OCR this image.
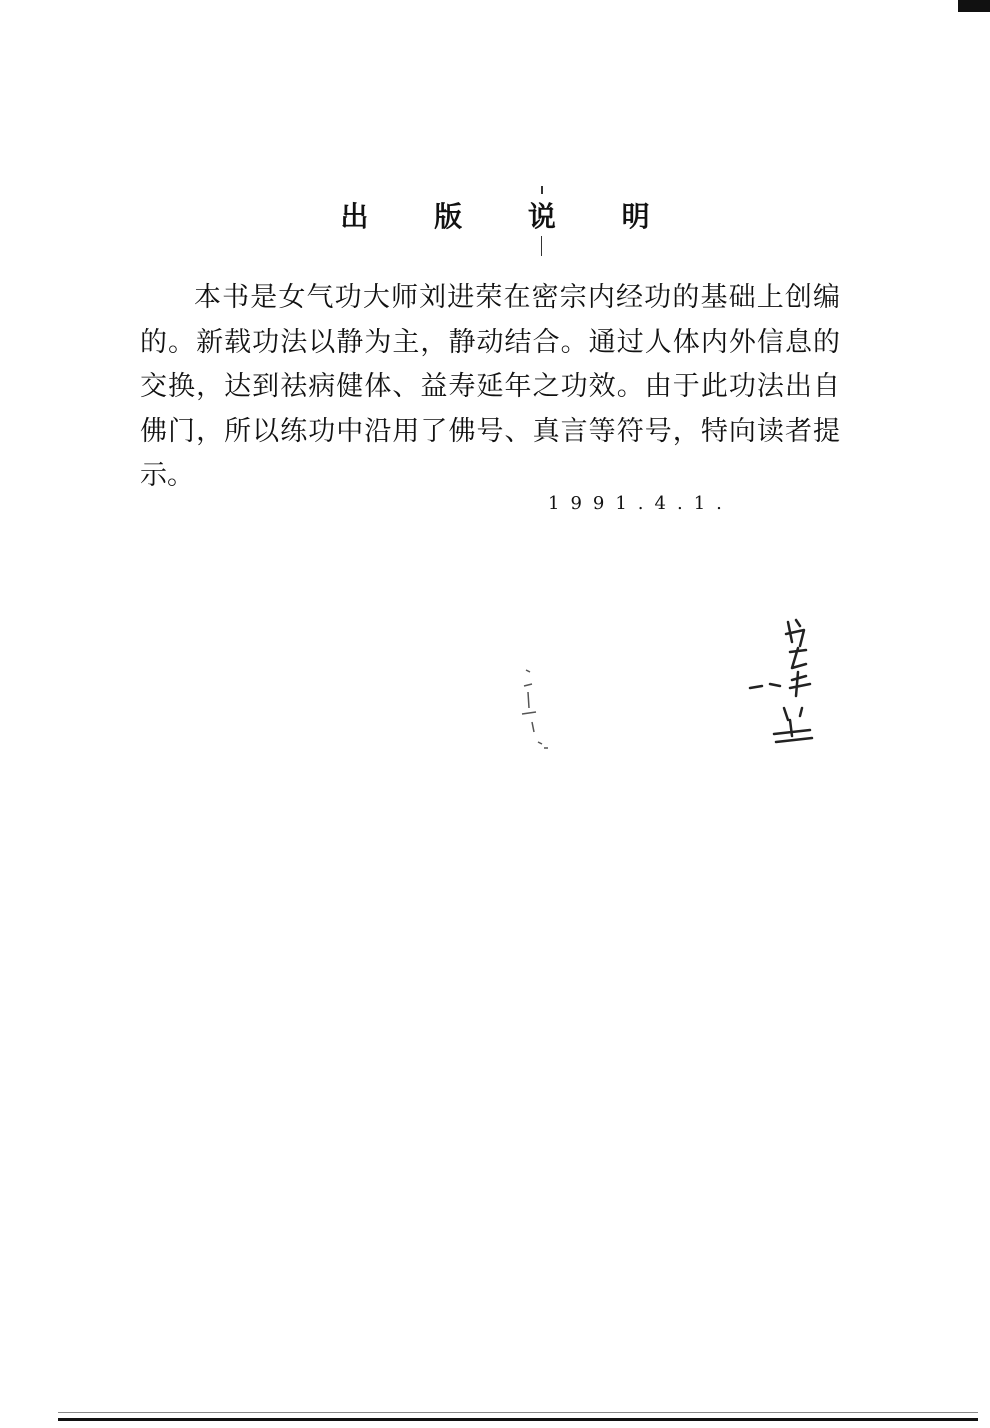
出 版 说 明

本书是女气功大师刘进荣在密宗内经功的基础上创编的。新载功法以静为主，静动结合。通过人体内外信息的交换，达到祛病健体、益寿延年之功效。由于此功法出自佛门，所以练功中沿用了佛号、真言等符号，特向读者提示。

1991.4.1.
